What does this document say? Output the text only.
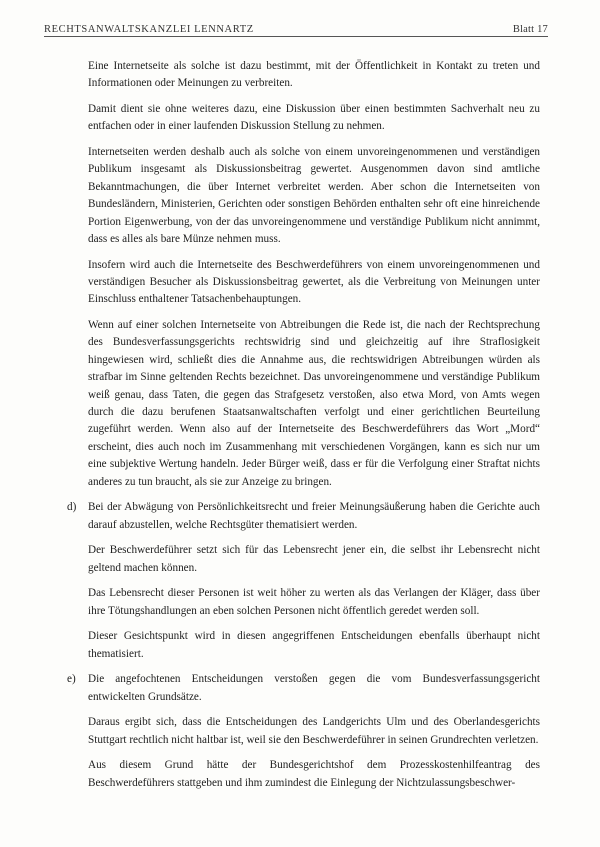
RECHTSANWALTSKANZLEI LENNARTZ	Blatt 17

Eine Internetseite als solche ist dazu bestimmt, mit der Öffentlichkeit in Kontakt zu treten und Informationen oder Meinungen zu verbreiten.

Damit dient sie ohne weiteres dazu, eine Diskussion über einen bestimmten Sachverhalt neu zu entfachen oder in einer laufenden Diskussion Stellung zu nehmen.

Internetseiten werden deshalb auch als solche von einem unvoreingenommenen und verständigen Publikum insgesamt als Diskussionsbeitrag gewertet. Ausgenommen davon sind amtliche Bekanntmachungen, die über Internet verbreitet werden. Aber schon die Internetseiten von Bundesländern, Ministerien, Gerichten oder sonstigen Behörden enthalten sehr oft eine hinreichende Portion Eigenwerbung, von der das unvoreingenommene und verständige Publikum nicht annimmt, dass es alles als bare Münze nehmen muss.

Insofern wird auch die Internetseite des Beschwerdeführers von einem unvoreingenommenen und verständigen Besucher als Diskussionsbeitrag gewertet, als die Verbreitung von Meinungen unter Einschluss enthaltener Tatsachenbehauptungen.

Wenn auf einer solchen Internetseite von Abtreibungen die Rede ist, die nach der Rechtsprechung des Bundesverfassungsgerichts rechtswidrig sind und gleichzeitig auf ihre Straflosigkeit hingewiesen wird, schließt dies die Annahme aus, die rechtswidrigen Abtreibungen würden als strafbar im Sinne geltenden Rechts bezeichnet. Das unvoreingenommene und verständige Publikum weiß genau, dass Taten, die gegen das Strafgesetz verstoßen, also etwa Mord, von Amts wegen durch die dazu berufenen Staatsanwaltschaften verfolgt und einer gerichtlichen Beurteilung zugeführt werden. Wenn also auf der Internetseite des Beschwerdeführers das Wort „Mord“ erscheint, dies auch noch im Zusammenhang mit verschiedenen Vorgängen, kann es sich nur um eine subjektive Wertung handeln. Jeder Bürger weiß, dass er für die Verfolgung einer Straftat nichts anderes zu tun braucht, als sie zur Anzeige zu bringen.

d) Bei der Abwägung von Persönlichkeitsrecht und freier Meinungsäußerung haben die Gerichte auch darauf abzustellen, welche Rechtsgüter thematisiert werden.

Der Beschwerdeführer setzt sich für das Lebensrecht jener ein, die selbst ihr Lebensrecht nicht geltend machen können.

Das Lebensrecht dieser Personen ist weit höher zu werten als das Verlangen der Kläger, dass über ihre Tötungshandlungen an eben solchen Personen nicht öffentlich geredet werden soll.

Dieser Gesichtspunkt wird in diesen angegriffenen Entscheidungen ebenfalls überhaupt nicht thematisiert.

e) Die angefochtenen Entscheidungen verstoßen gegen die vom Bundesverfassungsgericht entwickelten Grundsätze.

Daraus ergibt sich, dass die Entscheidungen des Landgerichts Ulm und des Oberlandesgerichts Stuttgart rechtlich nicht haltbar ist, weil sie den Beschwerdeführer in seinen Grundrechten verletzen.

Aus diesem Grund hätte der Bundesgerichtshof dem Prozesskostenhilfeantrag des Beschwerdeführers stattgeben und ihm zumindest die Einlegung der Nichtzulassungsbeschwer-
